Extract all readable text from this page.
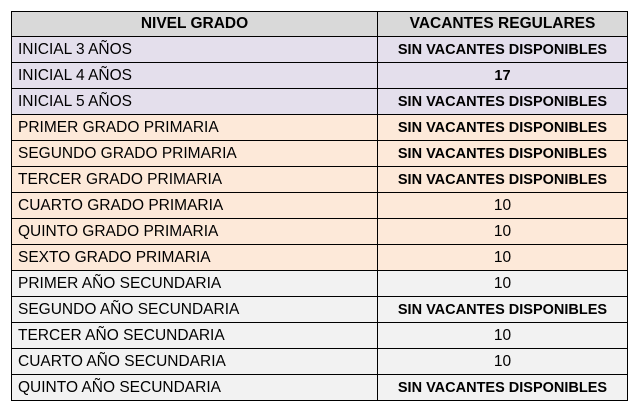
NIVEL GRADO	VACANTES REGULARES
INICIAL 3 AÑOS	SIN VACANTES DISPONIBLES
INICIAL 4 AÑOS	17
INICIAL 5 AÑOS	SIN VACANTES DISPONIBLES
PRIMER GRADO PRIMARIA	SIN VACANTES DISPONIBLES
SEGUNDO GRADO PRIMARIA	SIN VACANTES DISPONIBLES
TERCER GRADO PRIMARIA	SIN VACANTES DISPONIBLES
CUARTO GRADO PRIMARIA	10
QUINTO GRADO PRIMARIA	10
SEXTO GRADO PRIMARIA	10
PRIMER AÑO SECUNDARIA	10
SEGUNDO AÑO SECUNDARIA	SIN VACANTES DISPONIBLES
TERCER AÑO SECUNDARIA	10
CUARTO AÑO SECUNDARIA	10
QUINTO AÑO SECUNDARIA	SIN VACANTES DISPONIBLES
